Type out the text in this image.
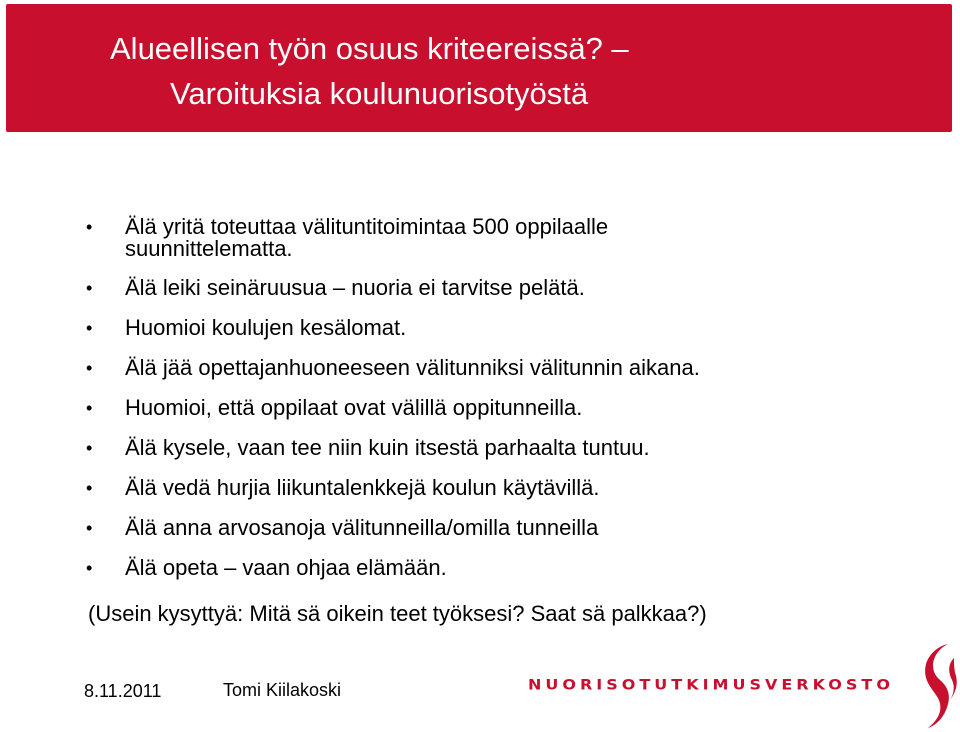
Alueellisen työn osuus kriteereissä? –
Varoituksia koulunuorisotyöstä
• Älä yritä toteuttaa välituntitoimintaa 500 oppilaalle suunnittelematta.
• Älä leiki seinäruusua – nuoria ei tarvitse pelätä.
• Huomioi koulujen kesälomat.
• Älä jää opettajanhuoneeseen välitunniksi välitunnin aikana.
• Huomioi, että oppilaat ovat välillä oppitunneilla.
• Älä kysele, vaan tee niin kuin itsestä parhaalta tuntuu.
• Älä vedä hurjia liikuntalenkkejä koulun käytävillä.
• Älä anna arvosanoja välitunneilla/omilla tunneilla
• Älä opeta – vaan ohjaa elämään.
(Usein kysyttyä: Mitä sä oikein teet työksesi? Saat sä palkkaa?)
8.11.2011	Tomi Kiilakoski	NUORISOTUTKIMUSVERKOSTO
